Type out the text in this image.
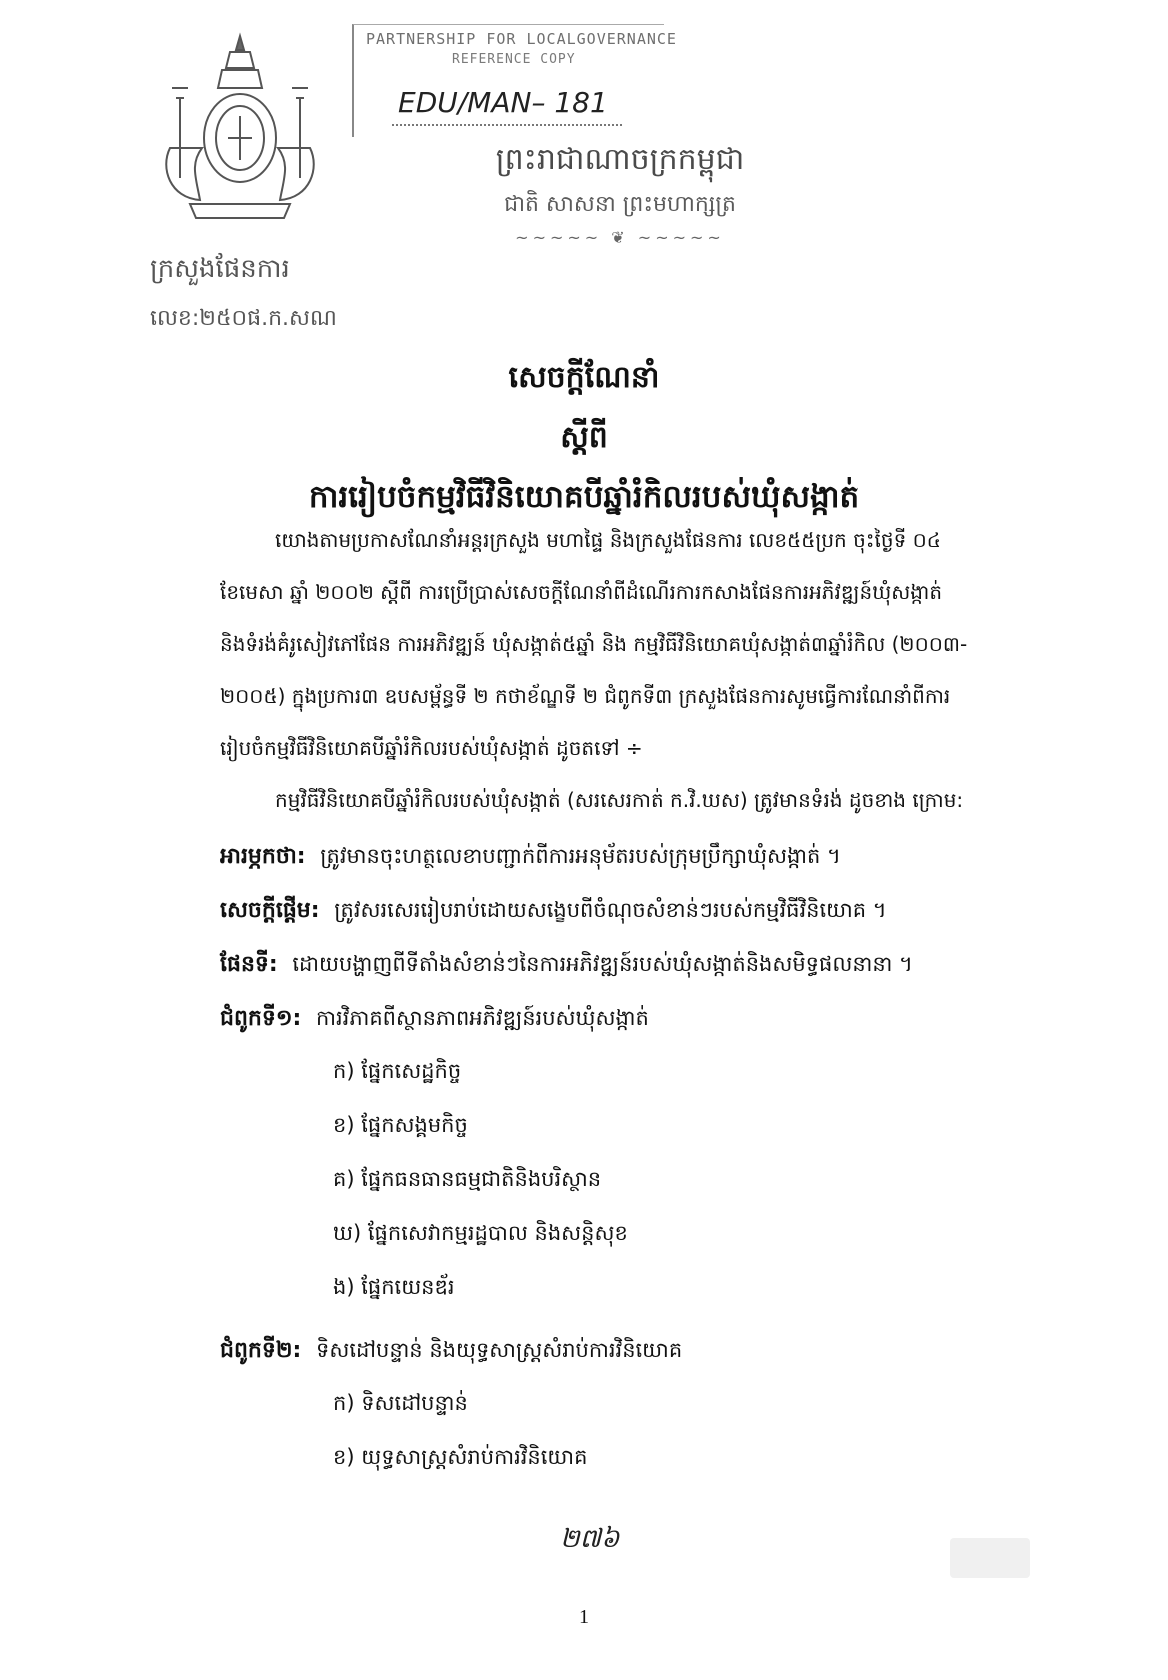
PARTNERSHIP FOR LOCALGOVERNANCE
REFERENCE COPY
EDU/MAN– 181
ព្រះរាជាណាចក្រកម្ពុជា
ជាតិ សាសនា ព្រះមហាក្សត្រ
~~~~~ ❦ ~~~~~
ក្រសួងផែនការ
លេខ:២៥០ផ.ក.សណ
សេចក្ដីណែនាំ
ស្ដីពី
ការរៀបចំកម្មវិធីវិនិយោគបីឆ្នាំរំកិលរបស់ឃុំសង្កាត់
យោងតាមប្រកាសណែនាំអន្តរក្រសួង មហាផ្ទៃ និងក្រសួងផែនការ លេខ៥៥ប្រក ចុះថ្ងៃទី ០៤
ខែមេសា ឆ្នាំ ២០០២ ស្ដីពី ការប្រើប្រាស់សេចក្ដីណែនាំពីដំណើរការកសាងផែនការអភិវឌ្ឍន៍ឃុំសង្កាត់
និងទំរង់គំរូសៀវភៅផែន ការអភិវឌ្ឍន៍ ឃុំសង្កាត់៥ឆ្នាំ និង កម្មវិធីវិនិយោគឃុំសង្កាត់៣ឆ្នាំរំកិល (២០០៣-
២០០៥) ក្នុងប្រការ៣ ឧបសម្ព័ន្ធទី ២ កថាខ័ណ្ឌទី ២ ជំពូកទី៣ ក្រសួងផែនការសូមធ្វើការណែនាំពីការ
រៀបចំកម្មវិធីវិនិយោគបីឆ្នាំរំកិលរបស់ឃុំសង្កាត់ ដូចតទៅ ÷
កម្មវិធីវិនិយោគបីឆ្នាំរំកិលរបស់ឃុំសង្កាត់ (សរសេរកាត់ ក.វិ.ឃស) ត្រូវមានទំរង់ ដូចខាង ក្រោម:
អារម្ភកថា: ត្រូវមានចុះហត្ថលេខាបញ្ជាក់ពីការអនុម័តរបស់ក្រុមប្រឹក្សាឃុំសង្កាត់ ។
សេចក្ដីផ្ដើម: ត្រូវសរសេររៀបរាប់ដោយសង្ខេបពីចំណុចសំខាន់ៗរបស់កម្មវិធីវិនិយោគ ។
ផែនទី: ដោយបង្ហាញពីទីតាំងសំខាន់ៗនៃការអភិវឌ្ឍន៍របស់ឃុំសង្កាត់និងសមិទ្ធផលនានា ។
ជំពូកទី១: ការវិភាគពីស្ថានភាពអភិវឌ្ឍន៍របស់ឃុំសង្កាត់
ក) ផ្នែកសេដ្ឋកិច្ច
ខ) ផ្នែកសង្គមកិច្ច
គ) ផ្នែកធនធានធម្មជាតិនិងបរិស្ថាន
ឃ) ផ្នែកសេវាកម្មរដ្ឋបាល និងសន្តិសុខ
ង) ផ្នែកយេនឌ័រ
ជំពូកទី២: ទិសដៅបន្ទាន់ និងយុទ្ធសាស្ត្រសំរាប់ការវិនិយោគ
ក) ទិសដៅបន្ទាន់
ខ) យុទ្ធសាស្ត្រសំរាប់ការវិនិយោគ
២៧៦
1
